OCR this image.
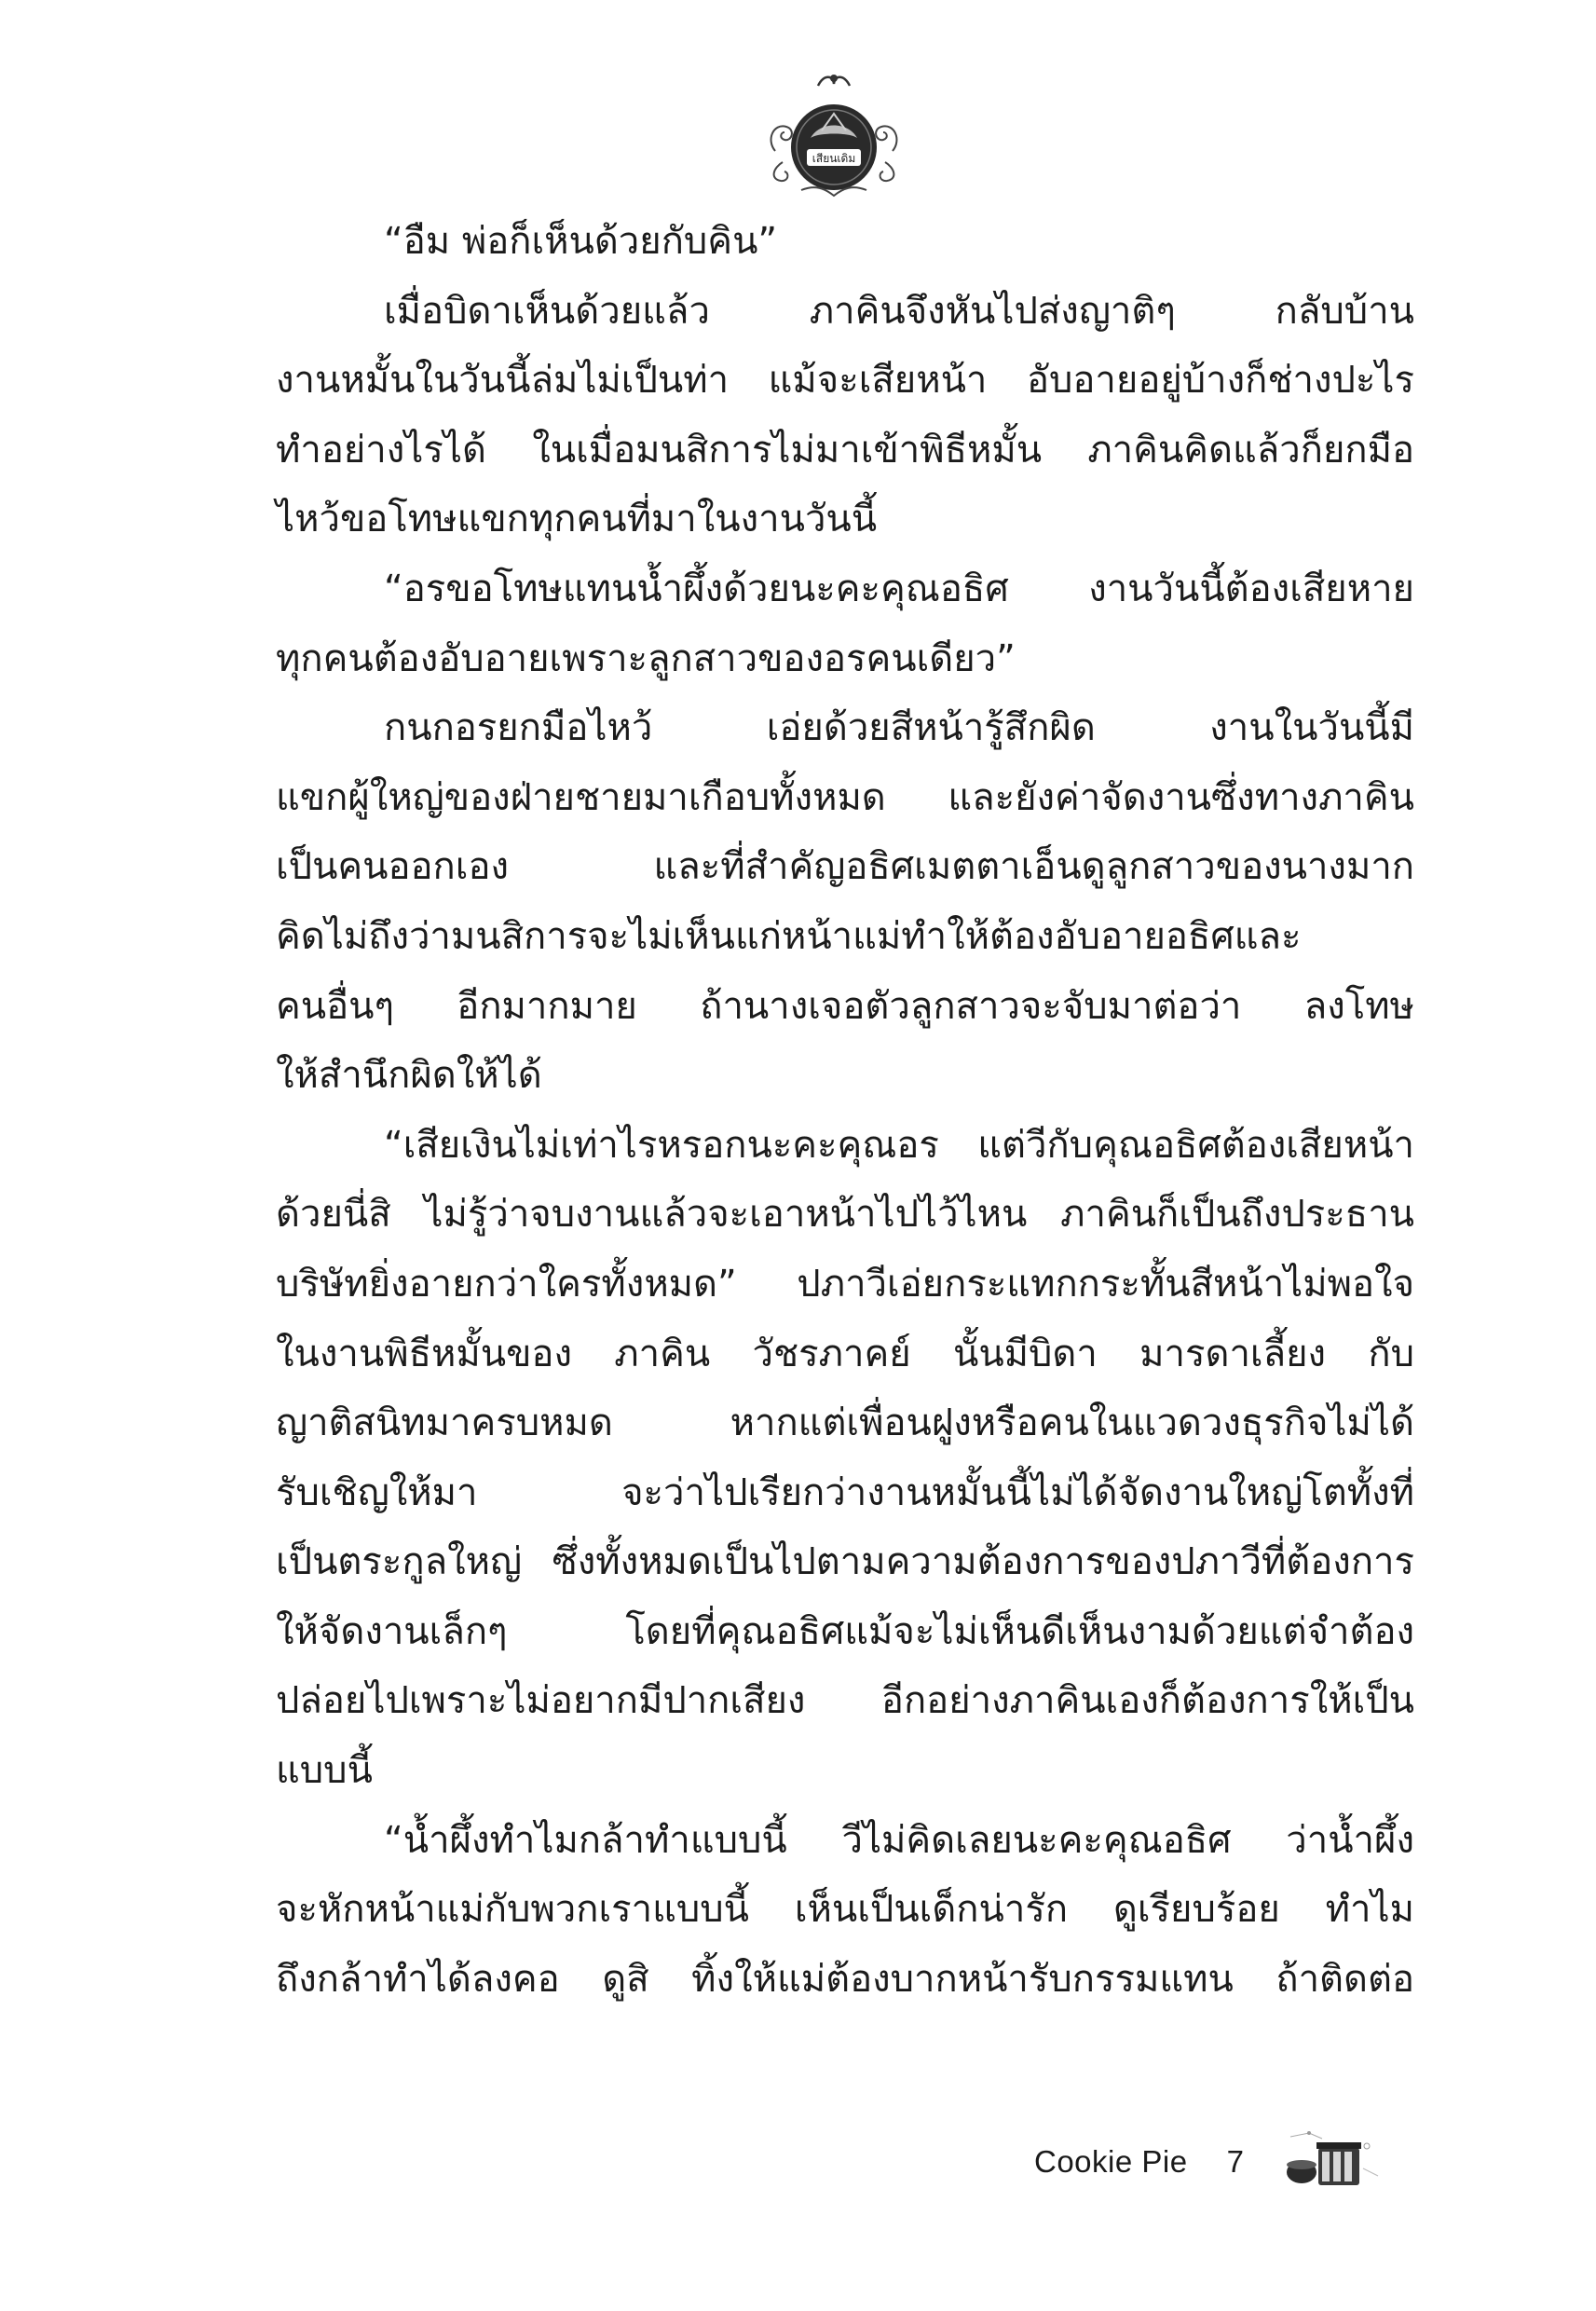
เสียนเดิม
“อืม พ่อก็เห็นด้วยกับคิน”
เมื่อบิดาเห็นด้วยแล้ว ภาคินจึงหันไปส่งญาติๆ กลับบ้าน
งานหมั้นในวันนี้ล่มไม่เป็นท่า แม้จะเสียหน้า อับอายอยู่บ้างก็ช่างปะไร
ทำอย่างไรได้ ในเมื่อมนสิการไม่มาเข้าพิธีหมั้น ภาคินคิดแล้วก็ยกมือ
ไหว้ขอโทษแขกทุกคนที่มาในงานวันนี้
“อรขอโทษแทนน้ำผึ้งด้วยนะคะคุณอธิศ งานวันนี้ต้องเสียหาย
ทุกคนต้องอับอายเพราะลูกสาวของอรคนเดียว”
กนกอรยกมือไหว้ เอ่ยด้วยสีหน้ารู้สึกผิด งานในวันนี้มี
แขกผู้ใหญ่ของฝ่ายชายมาเกือบทั้งหมด และยังค่าจัดงานซึ่งทางภาคิน
เป็นคนออกเอง และที่สำคัญอธิศเมตตาเอ็นดูลูกสาวของนางมาก
คิดไม่ถึงว่ามนสิการจะไม่เห็นแก่หน้าแม่ทำให้ต้องอับอายอธิศและ
คนอื่นๆ อีกมากมาย ถ้านางเจอตัวลูกสาวจะจับมาต่อว่า ลงโทษ
ให้สำนึกผิดให้ได้
“เสียเงินไม่เท่าไรหรอกนะคะคุณอร แต่วีกับคุณอธิศต้องเสียหน้า
ด้วยนี่สิ ไม่รู้ว่าจบงานแล้วจะเอาหน้าไปไว้ไหน ภาคินก็เป็นถึงประธาน
บริษัทยิ่งอายกว่าใครทั้งหมด” ปภาวีเอ่ยกระแทกกระทั้นสีหน้าไม่พอใจ
ในงานพิธีหมั้นของ ภาคิน วัชรภาคย์ นั้นมีบิดา มารดาเลี้ยง กับ
ญาติสนิทมาครบหมด หากแต่เพื่อนฝูงหรือคนในแวดวงธุรกิจไม่ได้
รับเชิญให้มา จะว่าไปเรียกว่างานหมั้นนี้ไม่ได้จัดงานใหญ่โตทั้งที่
เป็นตระกูลใหญ่ ซึ่งทั้งหมดเป็นไปตามความต้องการของปภาวีที่ต้องการ
ให้จัดงานเล็กๆ โดยที่คุณอธิศแม้จะไม่เห็นดีเห็นงามด้วยแต่จำต้อง
ปล่อยไปเพราะไม่อยากมีปากเสียง อีกอย่างภาคินเองก็ต้องการให้เป็น
แบบนี้
“น้ำผึ้งทำไมกล้าทำแบบนี้ วีไม่คิดเลยนะคะคุณอธิศ ว่าน้ำผึ้ง
จะหักหน้าแม่กับพวกเราแบบนี้ เห็นเป็นเด็กน่ารัก ดูเรียบร้อย ทำไม
ถึงกล้าทำได้ลงคอ ดูสิ ทิ้งให้แม่ต้องบากหน้ารับกรรมแทน ถ้าติดต่อ
Cookie Pie 7
